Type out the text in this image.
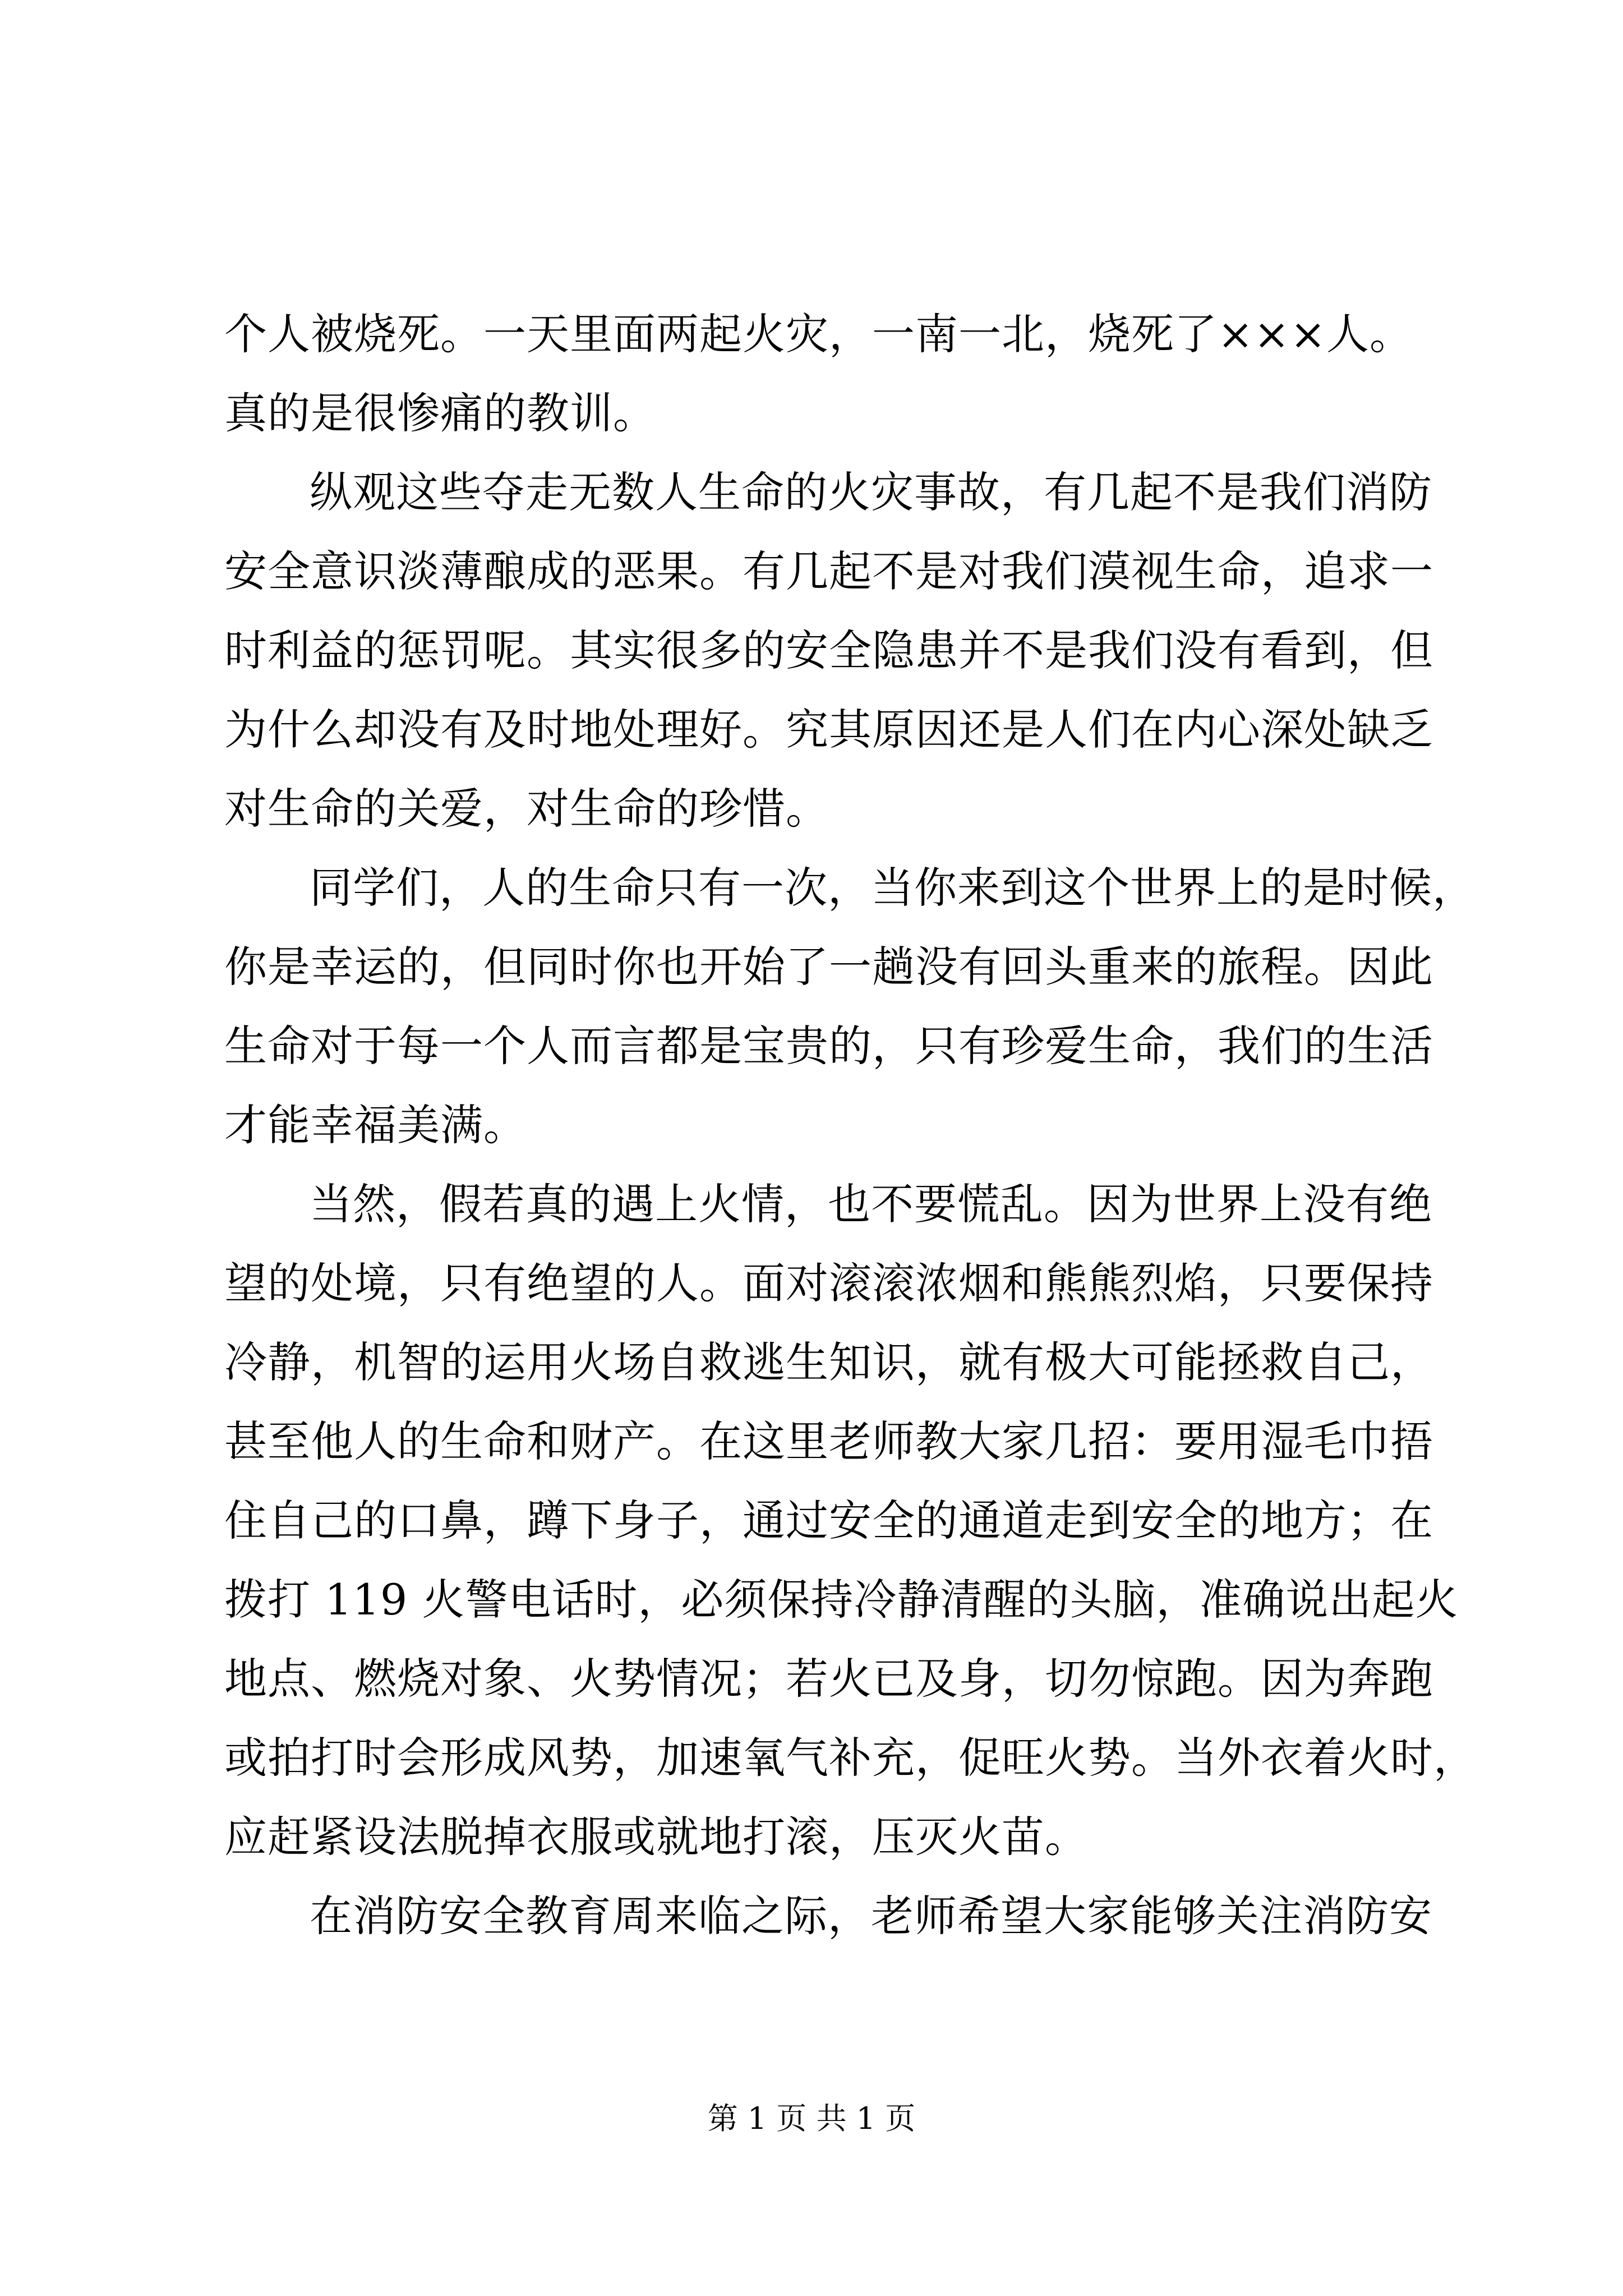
个人被烧死。一天里面两起火灾，一南一北，烧死了×××人。
真的是很惨痛的教训。
纵观这些夺走无数人生命的火灾事故，有几起不是我们消防
安全意识淡薄酿成的恶果。有几起不是对我们漠视生命，追求一
时利益的惩罚呢。其实很多的安全隐患并不是我们没有看到，但
为什么却没有及时地处理好。究其原因还是人们在内心深处缺乏
对生命的关爱，对生命的珍惜。
同学们，人的生命只有一次，当你来到这个世界上的是时候，
你是幸运的，但同时你也开始了一趟没有回头重来的旅程。因此
生命对于每一个人而言都是宝贵的，只有珍爱生命，我们的生活
才能幸福美满。
当然，假若真的遇上火情，也不要慌乱。因为世界上没有绝
望的处境，只有绝望的人。面对滚滚浓烟和熊熊烈焰，只要保持
冷静，机智的运用火场自救逃生知识，就有极大可能拯救自己，
甚至他人的生命和财产。在这里老师教大家几招：要用湿毛巾捂
住自己的口鼻，蹲下身子，通过安全的通道走到安全的地方；在
拨打 119 火警电话时，必须保持冷静清醒的头脑，准确说出起火
地点、燃烧对象、火势情况；若火已及身，切勿惊跑。因为奔跑
或拍打时会形成风势，加速氧气补充，促旺火势。当外衣着火时，
应赶紧设法脱掉衣服或就地打滚，压灭火苗。
在消防安全教育周来临之际，老师希望大家能够关注消防安
第 1 页 共 1 页
